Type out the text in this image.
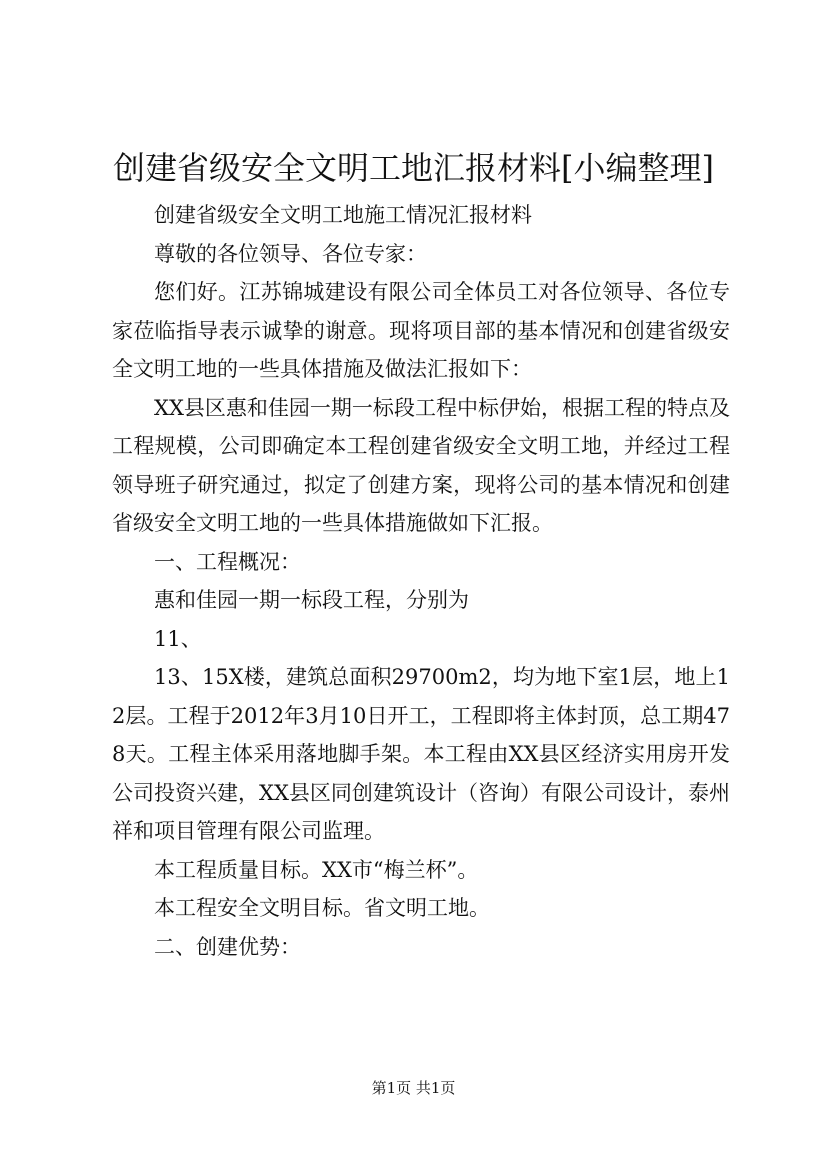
创建省级安全文明工地汇报材料[小编整理]

创建省级安全文明工地施工情况汇报材料

尊敬的各位领导、各位专家：

您们好。江苏锦城建设有限公司全体员工对各位领导、各位专家莅临指导表示诚挚的谢意。现将项目部的基本情况和创建省级安全文明工地的一些具体措施及做法汇报如下：

XX县区惠和佳园一期一标段工程中标伊始，根据工程的特点及工程规模，公司即确定本工程创建省级安全文明工地，并经过工程领导班子研究通过，拟定了创建方案，现将公司的基本情况和创建省级安全文明工地的一些具体措施做如下汇报。

一、工程概况：

惠和佳园一期一标段工程，分别为

11、

13、15X楼，建筑总面积29700m2，均为地下室1层，地上12层。工程于2012年3月10日开工，工程即将主体封顶，总工期478天。工程主体采用落地脚手架。本工程由XX县区经济实用房开发公司投资兴建，XX县区同创建筑设计（咨询）有限公司设计，泰州祥和项目管理有限公司监理。

本工程质量目标。XX市“梅兰杯”。

本工程安全文明目标。省文明工地。

二、创建优势：

第1页 共1页
